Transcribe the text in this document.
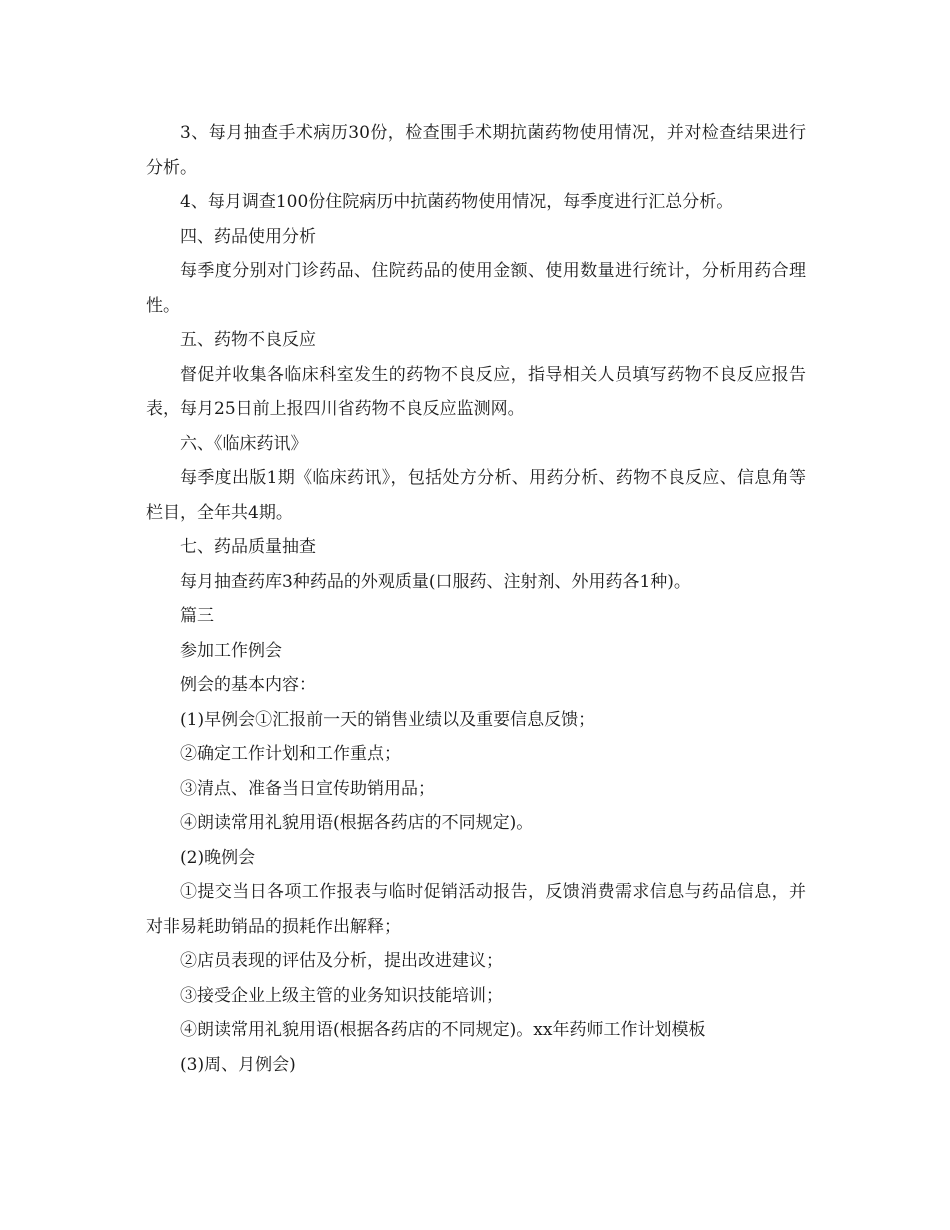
3、每月抽查手术病历30份，检查围手术期抗菌药物使用情况，并对检查结果进行分析。

4、每月调查100份住院病历中抗菌药物使用情况，每季度进行汇总分析。

四、药品使用分析

每季度分别对门诊药品、住院药品的使用金额、使用数量进行统计，分析用药合理性。

五、药物不良反应

督促并收集各临床科室发生的药物不良反应，指导相关人员填写药物不良反应报告表，每月25日前上报四川省药物不良反应监测网。

六、《临床药讯》

每季度出版1期《临床药讯》，包括处方分析、用药分析、药物不良反应、信息角等栏目，全年共4期。

七、药品质量抽查

每月抽查药库3种药品的外观质量(口服药、注射剂、外用药各1种)。

篇三

参加工作例会

例会的基本内容：

(1)早例会①汇报前一天的销售业绩以及重要信息反馈；

②确定工作计划和工作重点；

③清点、准备当日宣传助销用品；

④朗读常用礼貌用语(根据各药店的不同规定)。

(2)晚例会

①提交当日各项工作报表与临时促销活动报告，反馈消费需求信息与药品信息，并对非易耗助销品的损耗作出解释；

②店员表现的评估及分析，提出改进建议；

③接受企业上级主管的业务知识技能培训；

④朗读常用礼貌用语(根据各药店的不同规定)。xx年药师工作计划模板

(3)周、月例会)
